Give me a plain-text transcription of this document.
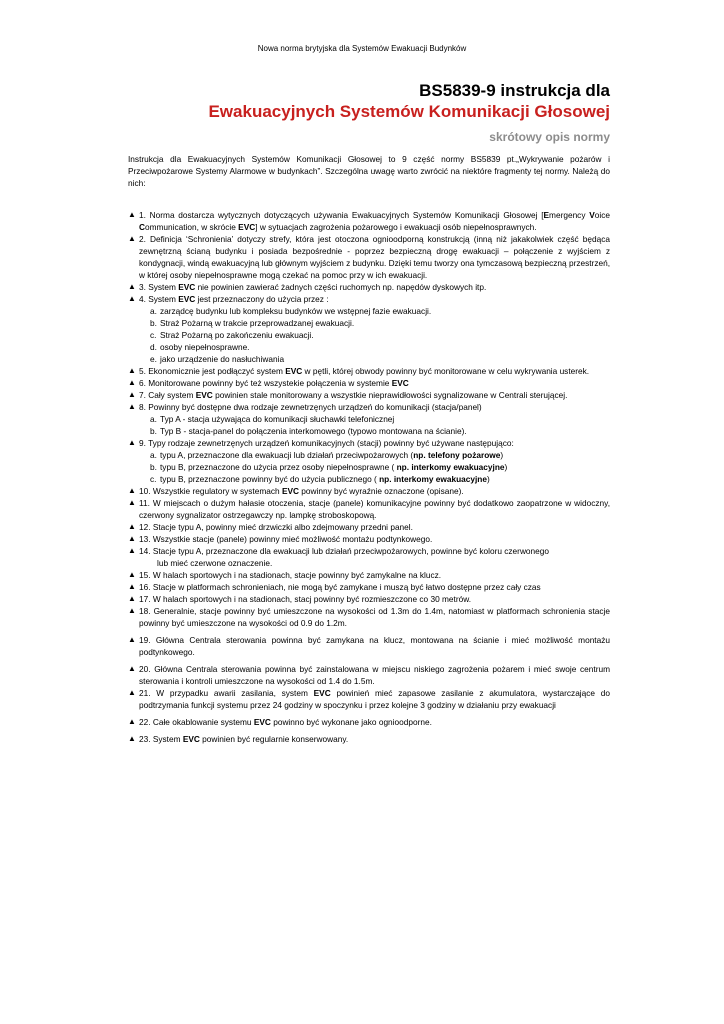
Nowa norma brytyjska dla Systemów Ewakuacji Budynków
BS5839-9 instrukcja dla
Ewakuacyjnych Systemów Komunikacji Głosowej
skrótowy opis normy

Instrukcja dla Ewakuacyjnych Systemów Komunikacji Głosowej to 9 część normy BS5839 pt.„Wykrywanie pożarów i Przeciwpożarowe Systemy Alarmowe w budynkach”. Szczególna uwagę warto zwrócić na niektóre fragmenty tej normy. Należą do nich:

▲ 1. Norma dostarcza wytycznych dotyczących używania Ewakuacyjnych Systemów Komunikacji Głosowej [Emergency Voice Communication, w skrócie EVC] w sytuacjach zagrożenia pożarowego i ewakuacji osób niepełnosprawnych.
▲ 2. Definicja ‘Schronienia’ dotyczy strefy, która jest otoczona ognioodporną konstrukcją (inną niż jakakolwiek część będąca zewnętrzną ścianą budynku i posiada bezpośrednie - poprzez bezpieczną drogę ewakuacji – połączenie z wyjściem z kondygnacji, windą ewakuacyjną lub głównym wyjściem z budynku. Dzięki temu tworzy ona tymczasową bezpieczną przestrzeń, w której osoby niepełnosprawne mogą czekać na pomoc przy w ich ewakuacji.
▲ 3. System EVC nie powinien zawierać żadnych części ruchomych np. napędów dyskowych itp.
▲ 4. System EVC jest przeznaczony do użycia przez :
a. zarządcę budynku lub kompleksu budynków we wstępnej fazie ewakuacji.
b. Straż Pożarną w trakcie przeprowadzanej ewakuacji.
c. Straż Pożarną po zakończeniu ewakuacji.
d. osoby niepełnosprawne.
e. jako urządzenie do nasłuchiwania
▲ 5. Ekonomicznie jest podłączyć system EVC w pętli, której obwody powinny być monitorowane w celu wykrywania usterek.
▲ 6. Monitorowane powinny być też wszystekie połączenia w systemie EVC
▲ 7. Cały system EVC powinien stale monitorowany a wszystkie nieprawidłowości sygnalizowane w Centrali sterującej.
▲ 8. Powinny być dostępne dwa rodzaje zewnetrzęnych urządzeń do komunikacji (stacja/panel)
a. Typ A - stacja używająca do komunikacji słuchawki telefonicznej
b. Typ B - stacja-panel do połączenia interkomowego (typowo montowana na ścianie).
▲ 9. Typy rodzaje zewnetrzęnych urządzeń komunikacyjnych (stacji) powinny być używane następująco:
a. typu A, przeznaczone dla ewakuacji lub działań przeciwpożarowych (np. telefony pożarowe)
b. typu B, przeznaczone do użycia przez osoby niepełnosprawne ( np. interkomy ewakuacyjne)
c. typu B, przeznaczone powinny być do użycia publicznego ( np. interkomy ewakuacyjne)
▲ 10. Wszystkie regulatory w systemach EVC powinny być wyraźnie oznaczone (opisane).
▲ 11. W miejscach o dużym hałasie otoczenia, stacje (panele) komunikacyjne powinny być dodatkowo zaopatrzone w widoczny, czerwony sygnalizator ostrzegawczy np. lampkę stroboskopową.
▲ 12. Stacje typu A, powinny mieć drzwiczki albo zdejmowany przedni panel.
▲ 13. Wszystkie stacje (panele) powinny mieć możliwość montażu podtynkowego.
▲ 14. Stacje typu A, przeznaczone dla ewakuacji lub działań przeciwpożarowych, powinne być koloru czerwonego
lub mieć czerwone oznaczenie.
▲ 15. W halach sportowych i na stadionach, stacje powinny być zamykalne na klucz.
▲ 16. Stacje w platformach schronieniach, nie mogą być zamykane i muszą być łatwo dostępne przez cały czas
▲ 17. W halach sportowych i na stadionach, stacj powinny być rozmieszczone co 30 metrów.
▲ 18. Generalnie, stacje powinny być umieszczone na wysokości od 1.3m do 1.4m, natomiast w platformach schronienia stacje powinny być umieszczone na wysokości od 0.9 do 1.2m.
▲ 19. Główna Centrala sterowania powinna być zamykana na klucz, montowana na ścianie i mieć możliwość montażu podtynkowego.
▲ 20. Główna Centrala sterowania powinna być zainstalowana w miejscu niskiego zagrożenia pożarem i mieć swoje centrum sterowania i kontroli umieszczone na wysokości od 1.4 do 1.5m.
▲ 21. W przypadku awarii zasilania, system EVC powinień mieć zapasowe zasilanie z akumulatora, wystarczające do podtrzymania funkcji systemu przez 24 godziny w spoczynku i przez kolejne 3 godziny w działaniu przy ewakuacji
▲ 22. Całe okablowanie systemu EVC powinno być wykonane jako ognioodporne.
▲ 23. System EVC powinien być regularnie konserwowany.
